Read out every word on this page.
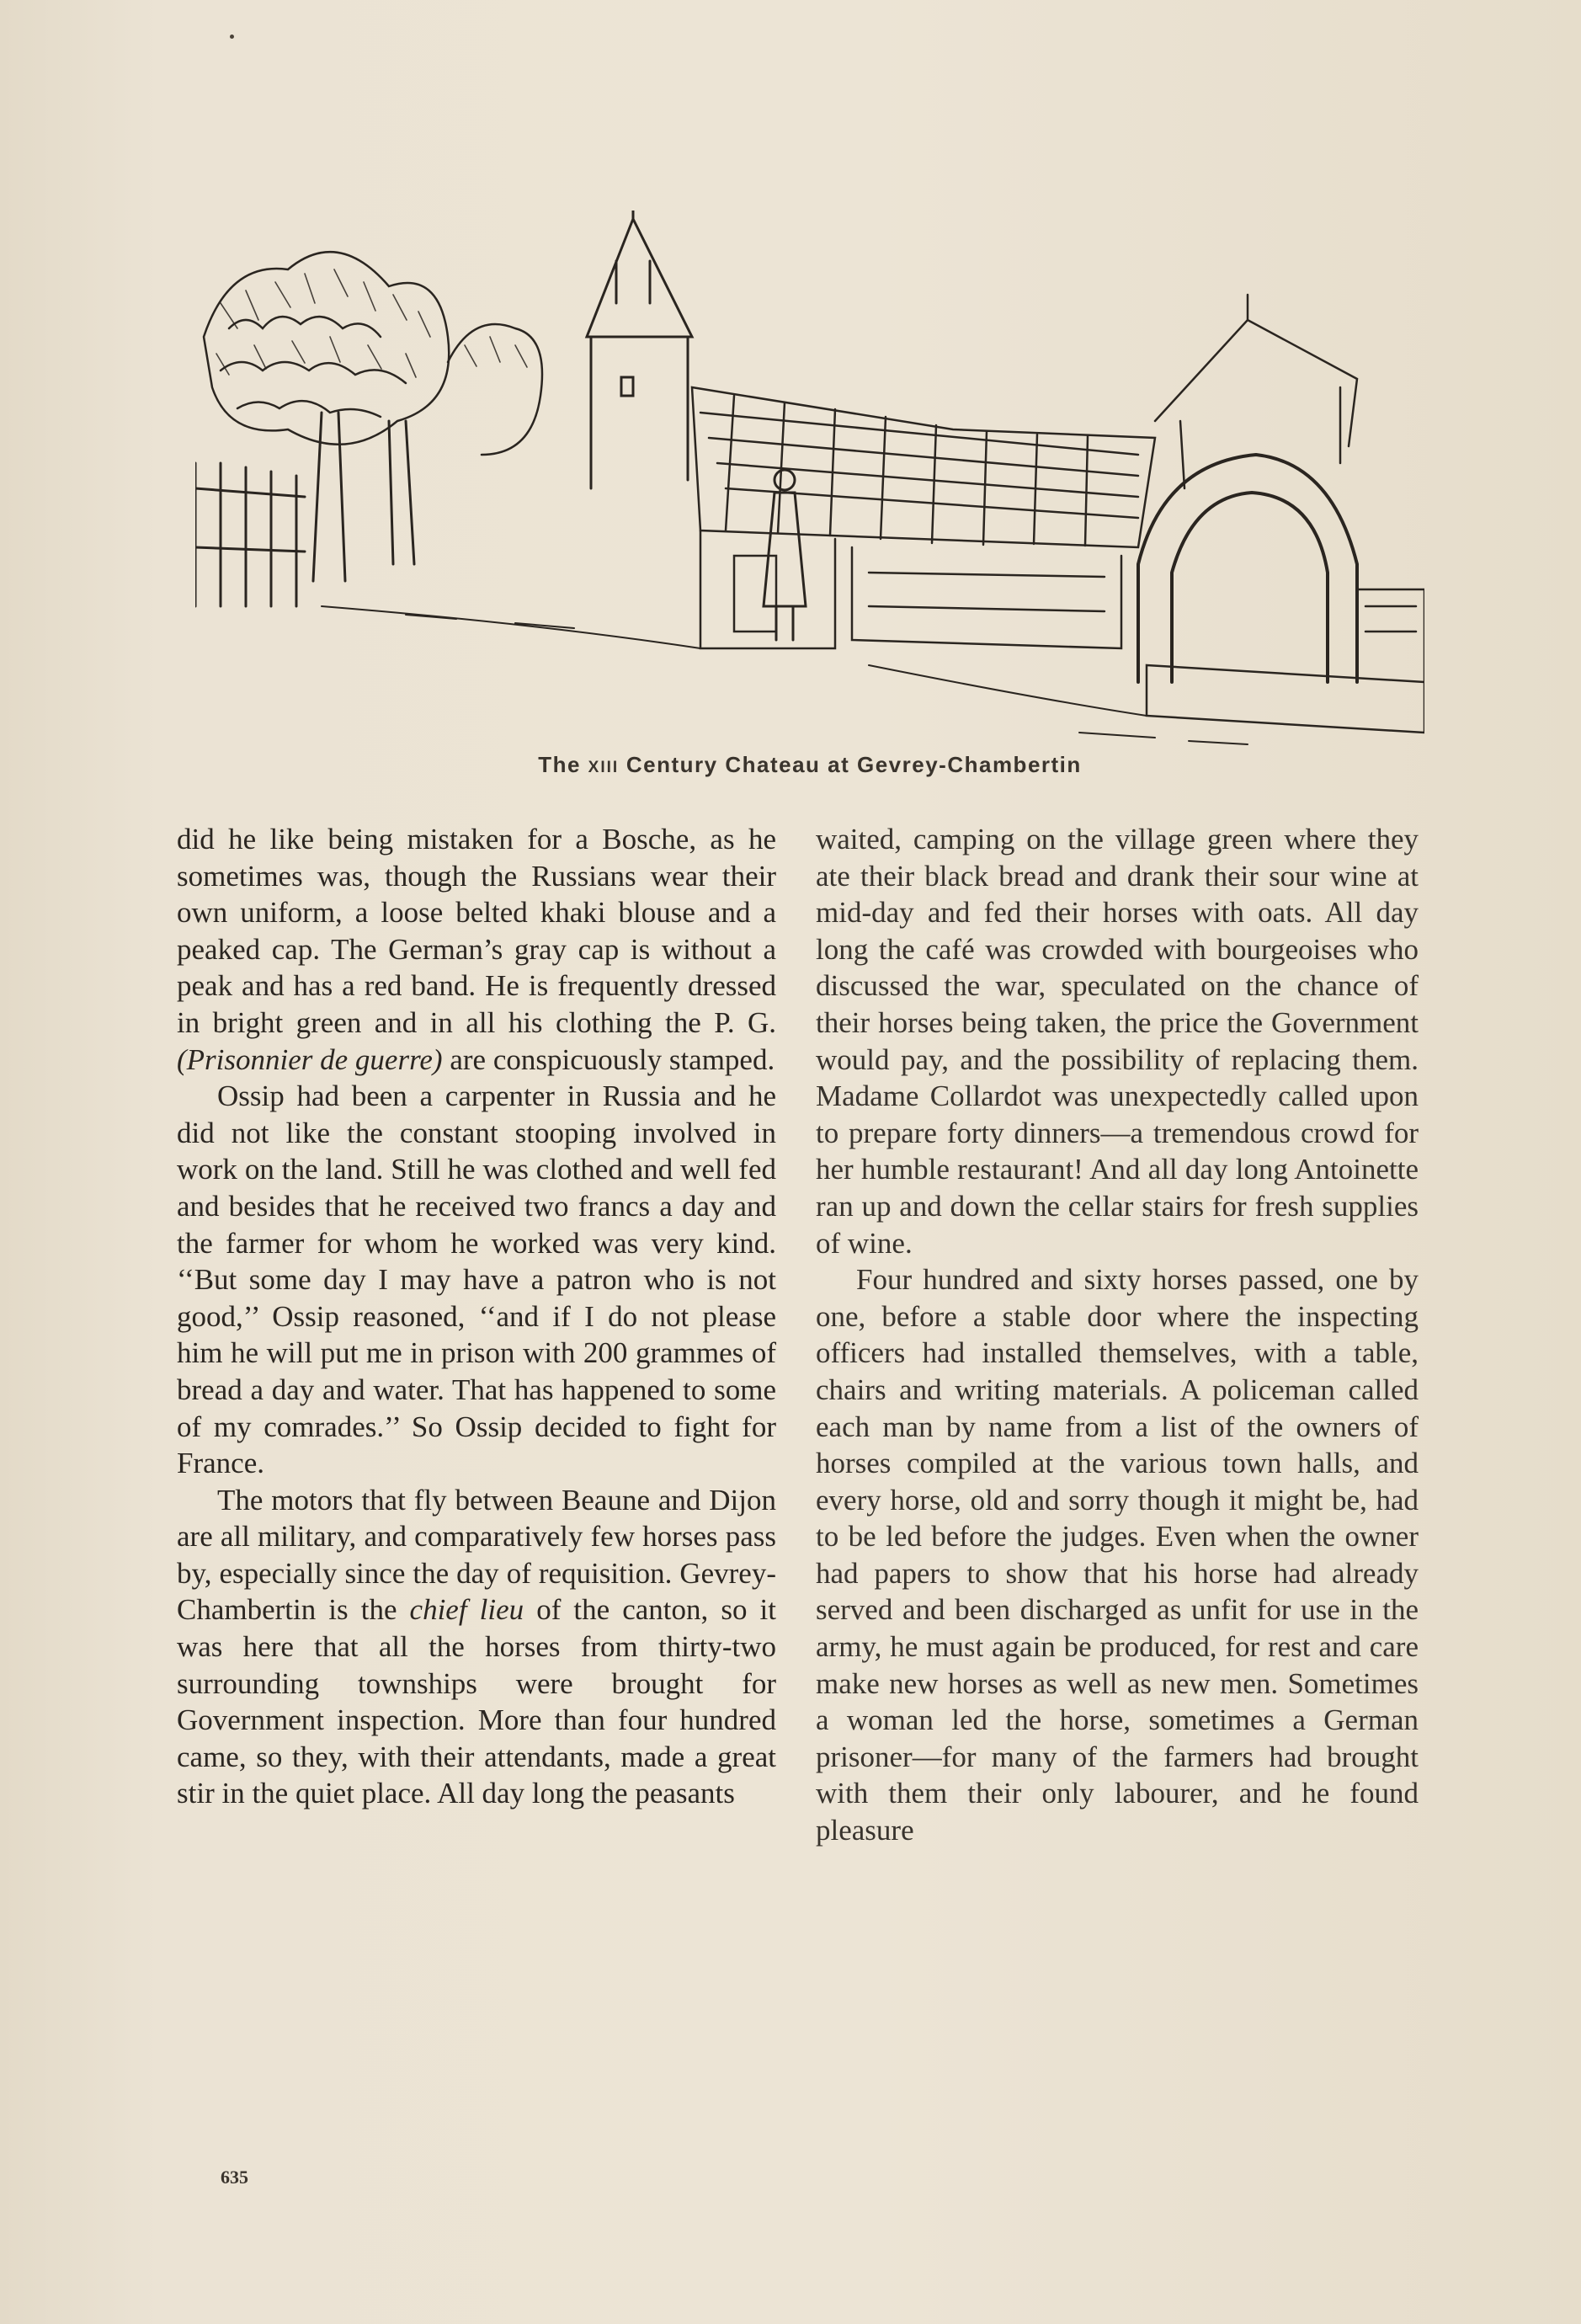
The XIII Century Chateau at Gevrey-Chambertin

did he like being mistaken for a Bosche, as he sometimes was, though the Russians wear their own uniform, a loose belted khaki blouse and a peaked cap. The German’s gray cap is without a peak and has a red band. He is frequently dressed in bright green and in all his clothing the P. G. (Prisonnier de guerre) are conspicuously stamped.

Ossip had been a carpenter in Russia and he did not like the constant stooping involved in work on the land. Still he was clothed and well fed and besides that he received two francs a day and the farmer for whom he worked was very kind. ‘‘But some day I may have a patron who is not good,’’ Ossip reasoned, ‘‘and if I do not please him he will put me in prison with 200 grammes of bread a day and water. That has happened to some of my comrades.’’ So Ossip decided to fight for France.

The motors that fly between Beaune and Dijon are all military, and comparatively few horses pass by, especially since the day of requisition. Gevrey-Chambertin is the chief lieu of the canton, so it was here that all the horses from thirty-two surrounding townships were brought for Government inspection. More than four hundred came, so they, with their attendants, made a great stir in the quiet place. All day long the peasants

waited, camping on the village green where they ate their black bread and drank their sour wine at mid-day and fed their horses with oats. All day long the café was crowded with bourgeoises who discussed the war, speculated on the chance of their horses being taken, the price the Government would pay, and the possibility of replacing them. Madame Collardot was unexpectedly called upon to prepare forty dinners—a tremendous crowd for her humble restaurant! And all day long Antoinette ran up and down the cellar stairs for fresh supplies of wine.

Four hundred and sixty horses passed, one by one, before a stable door where the inspecting officers had installed themselves, with a table, chairs and writing materials. A policeman called each man by name from a list of the owners of horses compiled at the various town halls, and every horse, old and sorry though it might be, had to be led before the judges. Even when the owner had papers to show that his horse had already served and been discharged as unfit for use in the army, he must again be produced, for rest and care make new horses as well as new men. Sometimes a woman led the horse, sometimes a German prisoner—for many of the farmers had brought with them their only labourer, and he found pleasure

635
